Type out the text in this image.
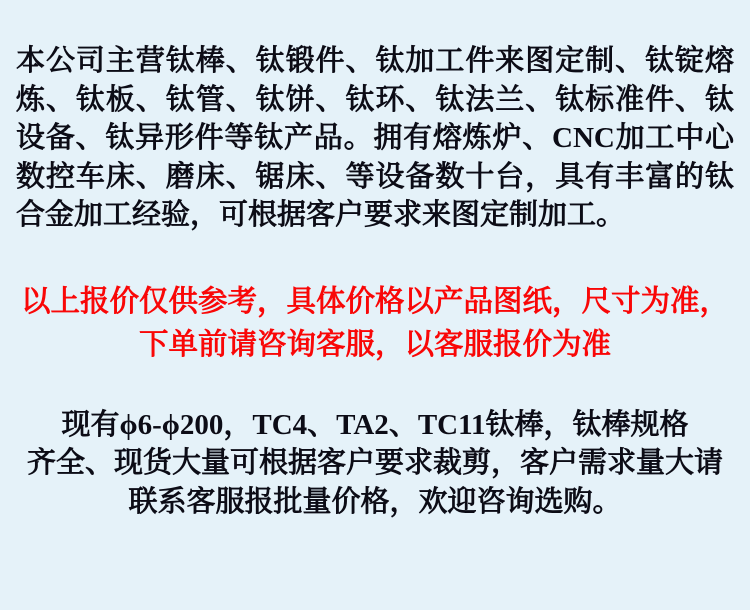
本公司主营钛棒、钛锻件、钛加工件来图定制、钛锭熔
炼、钛板、钛管、钛饼、钛环、钛法兰、钛标准件、钛
设备、钛异形件等钛产品。拥有熔炼炉、CNC加工中心
数控车床、磨床、锯床、等设备数十台，具有丰富的钛
合金加工经验，可根据客户要求来图定制加工。
以上报价仅供参考，具体价格以产品图纸，尺寸为准，
下单前请咨询客服，以客服报价为准
现有ϕ6-ϕ200，TC4、TA2、TC11钛棒，钛棒规格
齐全、现货大量可根据客户要求裁剪，客户需求量大请
联系客服报批量价格，欢迎咨询选购。
